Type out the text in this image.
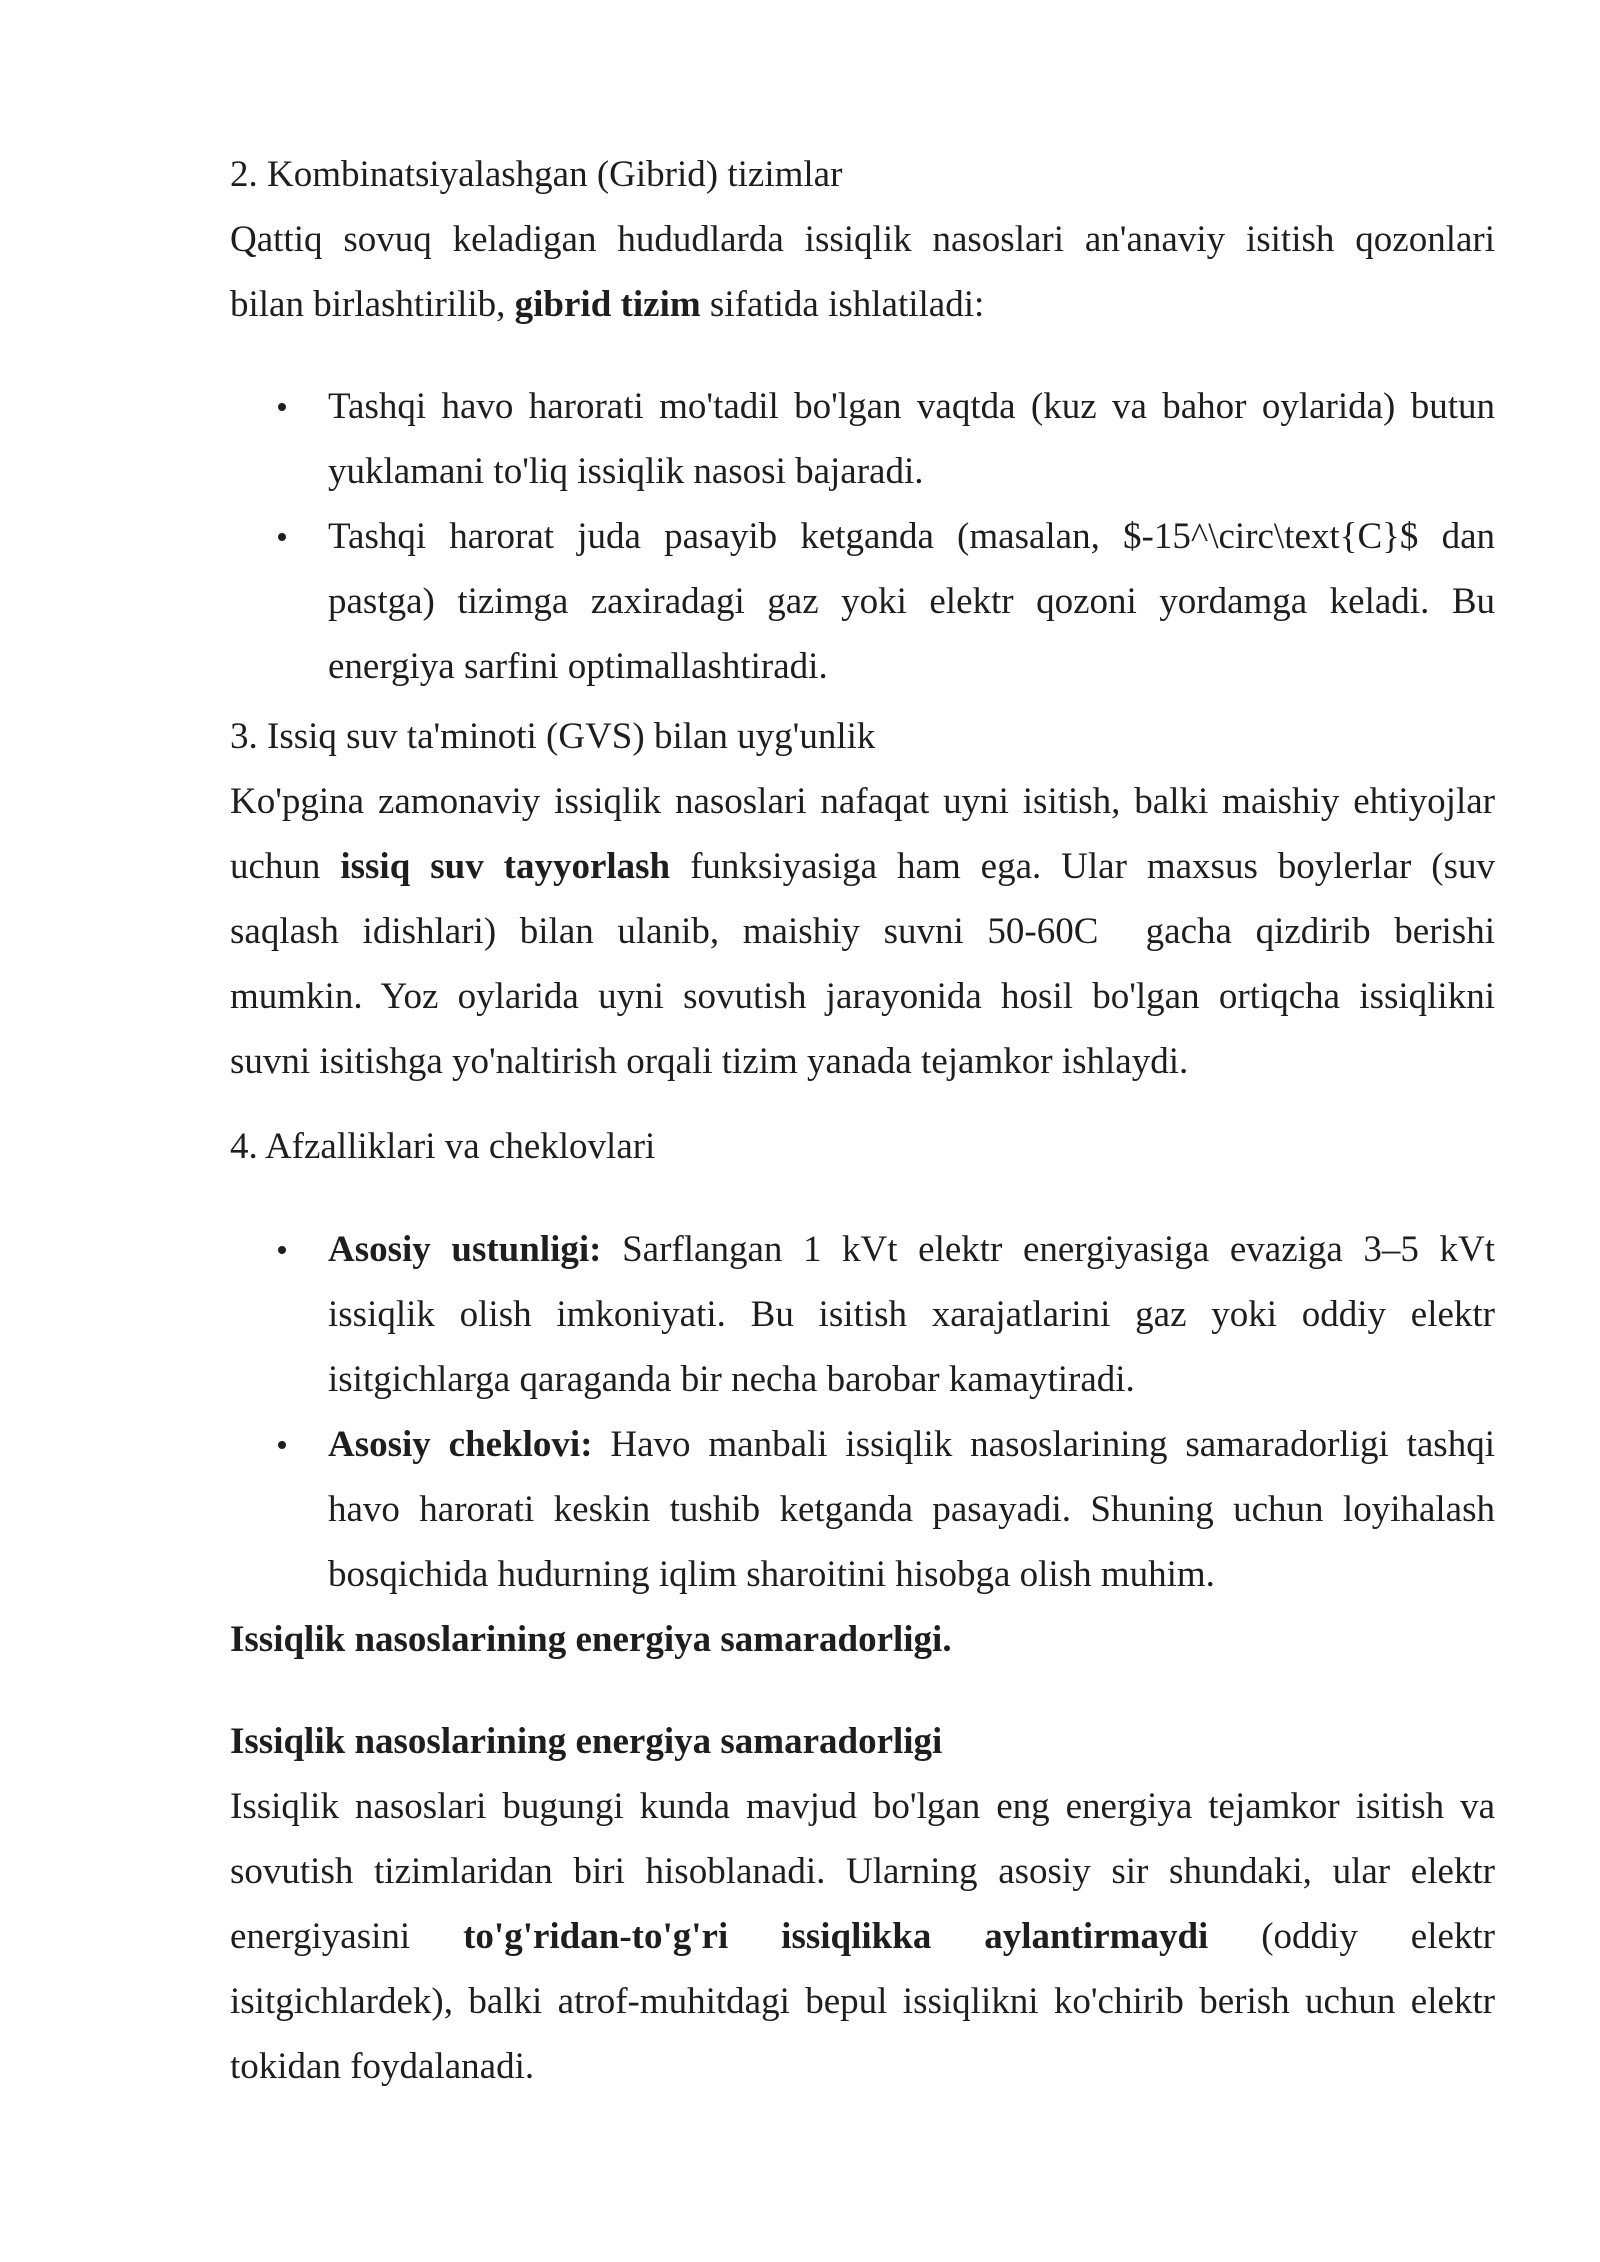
2. Kombinatsiyalashgan (Gibrid) tizimlar
Qattiq sovuq keladigan hududlarda issiqlik nasoslari an'anaviy isitish qozonlari
bilan birlashtirilib, gibrid tizim sifatida ishlatiladi:
Tashqi havo harorati mo'tadil bo'lgan vaqtda (kuz va bahor oylarida) butun
yuklamani to'liq issiqlik nasosi bajaradi.
Tashqi harorat juda pasayib ketganda (masalan, $-15^\circ\text{C}$ dan
pastga) tizimga zaxiradagi gaz yoki elektr qozoni yordamga keladi. Bu
energiya sarfini optimallashtiradi.
3. Issiq suv ta'minoti (GVS) bilan uyg'unlik
Ko'pgina zamonaviy issiqlik nasoslari nafaqat uyni isitish, balki maishiy ehtiyojlar
uchun issiq suv tayyorlash funksiyasiga ham ega. Ular maxsus boylerlar (suv
saqlash idishlari) bilan ulanib, maishiy suvni 50-60C  gacha qizdirib berishi
mumkin. Yoz oylarida uyni sovutish jarayonida hosil bo'lgan ortiqcha issiqlikni
suvni isitishga yo'naltirish orqali tizim yanada tejamkor ishlaydi.
4. Afzalliklari va cheklovlari
Asosiy ustunligi: Sarflangan 1 kVt elektr energiyasiga evaziga 3–5 kVt
issiqlik olish imkoniyati. Bu isitish xarajatlarini gaz yoki oddiy elektr
isitgichlarga qaraganda bir necha barobar kamaytiradi.
Asosiy cheklovi: Havo manbali issiqlik nasoslarining samaradorligi tashqi
havo harorati keskin tushib ketganda pasayadi. Shuning uchun loyihalash
bosqichida hudurning iqlim sharoitini hisobga olish muhim.
Issiqlik nasoslarining energiya samaradorligi.
Issiqlik nasoslarining energiya samaradorligi
Issiqlik nasoslari bugungi kunda mavjud bo'lgan eng energiya tejamkor isitish va
sovutish tizimlaridan biri hisoblanadi. Ularning asosiy sir shundaki, ular elektr
energiyasini to'g'ridan-to'g'ri issiqlikka aylantirmaydi (oddiy elektr
isitgichlardek), balki atrof-muhitdagi bepul issiqlikni ko'chirib berish uchun elektr
tokidan foydalanadi.
